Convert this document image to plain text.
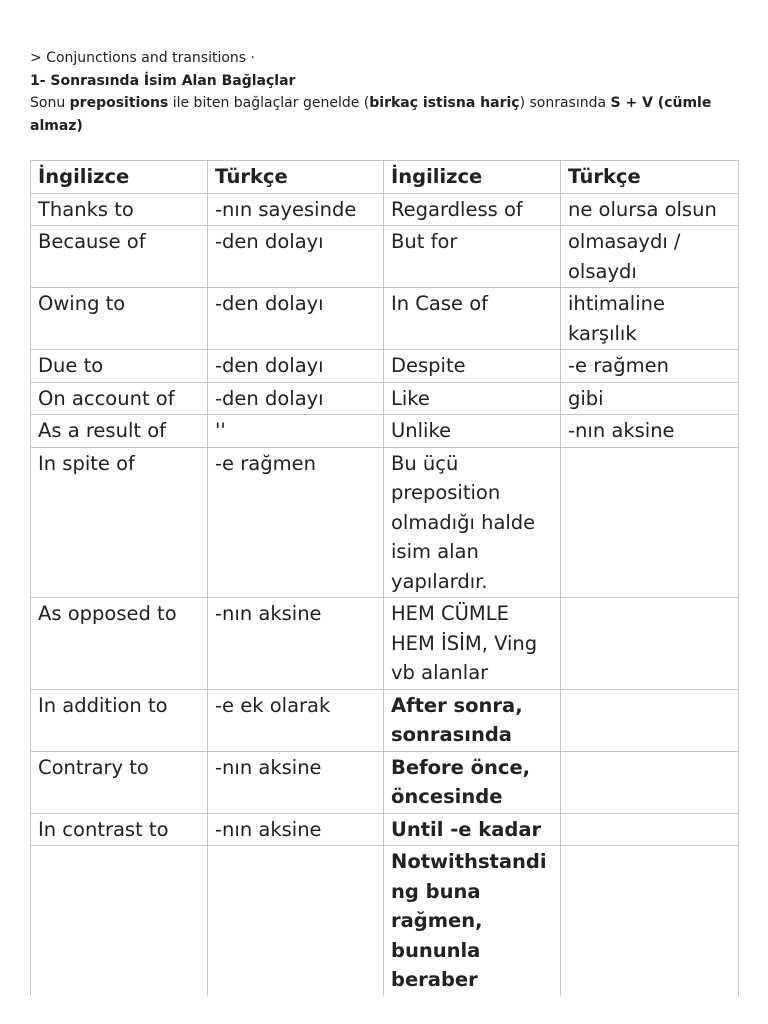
> Conjunctions and transitions ·
1- Sonrasında İsim Alan Bağlaçlar
Sonu prepositions ile biten bağlaçlar genelde (birkaç istisna hariç) sonrasında S + V (cümle almaz)
İngilizce	Türkçe	İngilizce	Türkçe
Thanks to	-nın sayesinde	Regardless of	ne olursa olsun
Because of	-den dolayı	But for	olmasaydı / olsaydı
Owing to	-den dolayı	In Case of	ihtimaline karşılık
Due to	-den dolayı	Despite	-e rağmen
On account of	-den dolayı	Like	gibi
As a result of	''	Unlike	-nın aksine
In spite of	-e rağmen	Bu üçü preposition olmadığı halde isim alan yapılardır.	
As opposed to	-nın aksine	HEM CÜMLE HEM İSİM, Ving vb alanlar	
In addition to	-e ek olarak	After sonra, sonrasında	
Contrary to	-nın aksine	Before önce, öncesinde	
In contrast to	-nın aksine	Until -e kadar	
		Notwithstanding buna rağmen, bununla beraber	
